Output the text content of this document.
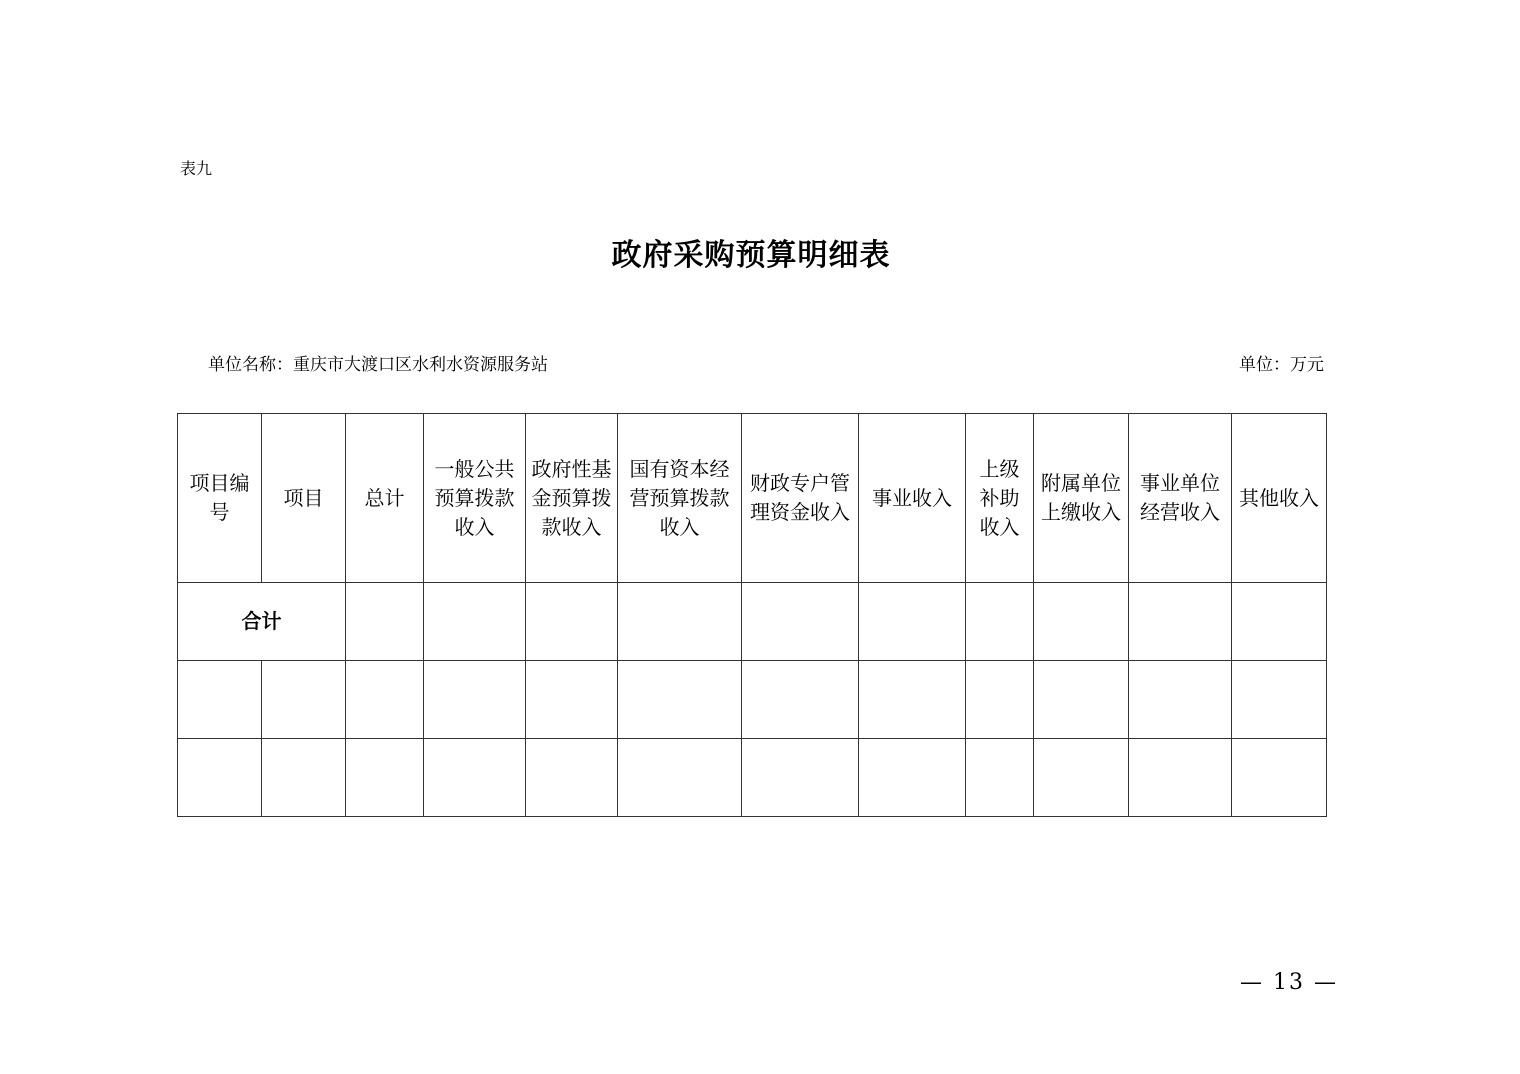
表九
政府采购预算明细表
单位名称：重庆市大渡口区水利水资源服务站	单位：万元
项目编号	项目	总计	一般公共预算拨款收入	政府性基金预算拨款收入	国有资本经营预算拨款收入	财政专户管理资金收入	事业收入	上级补助收入	附属单位上缴收入	事业单位经营收入	其他收入
合计											

— 13 —
